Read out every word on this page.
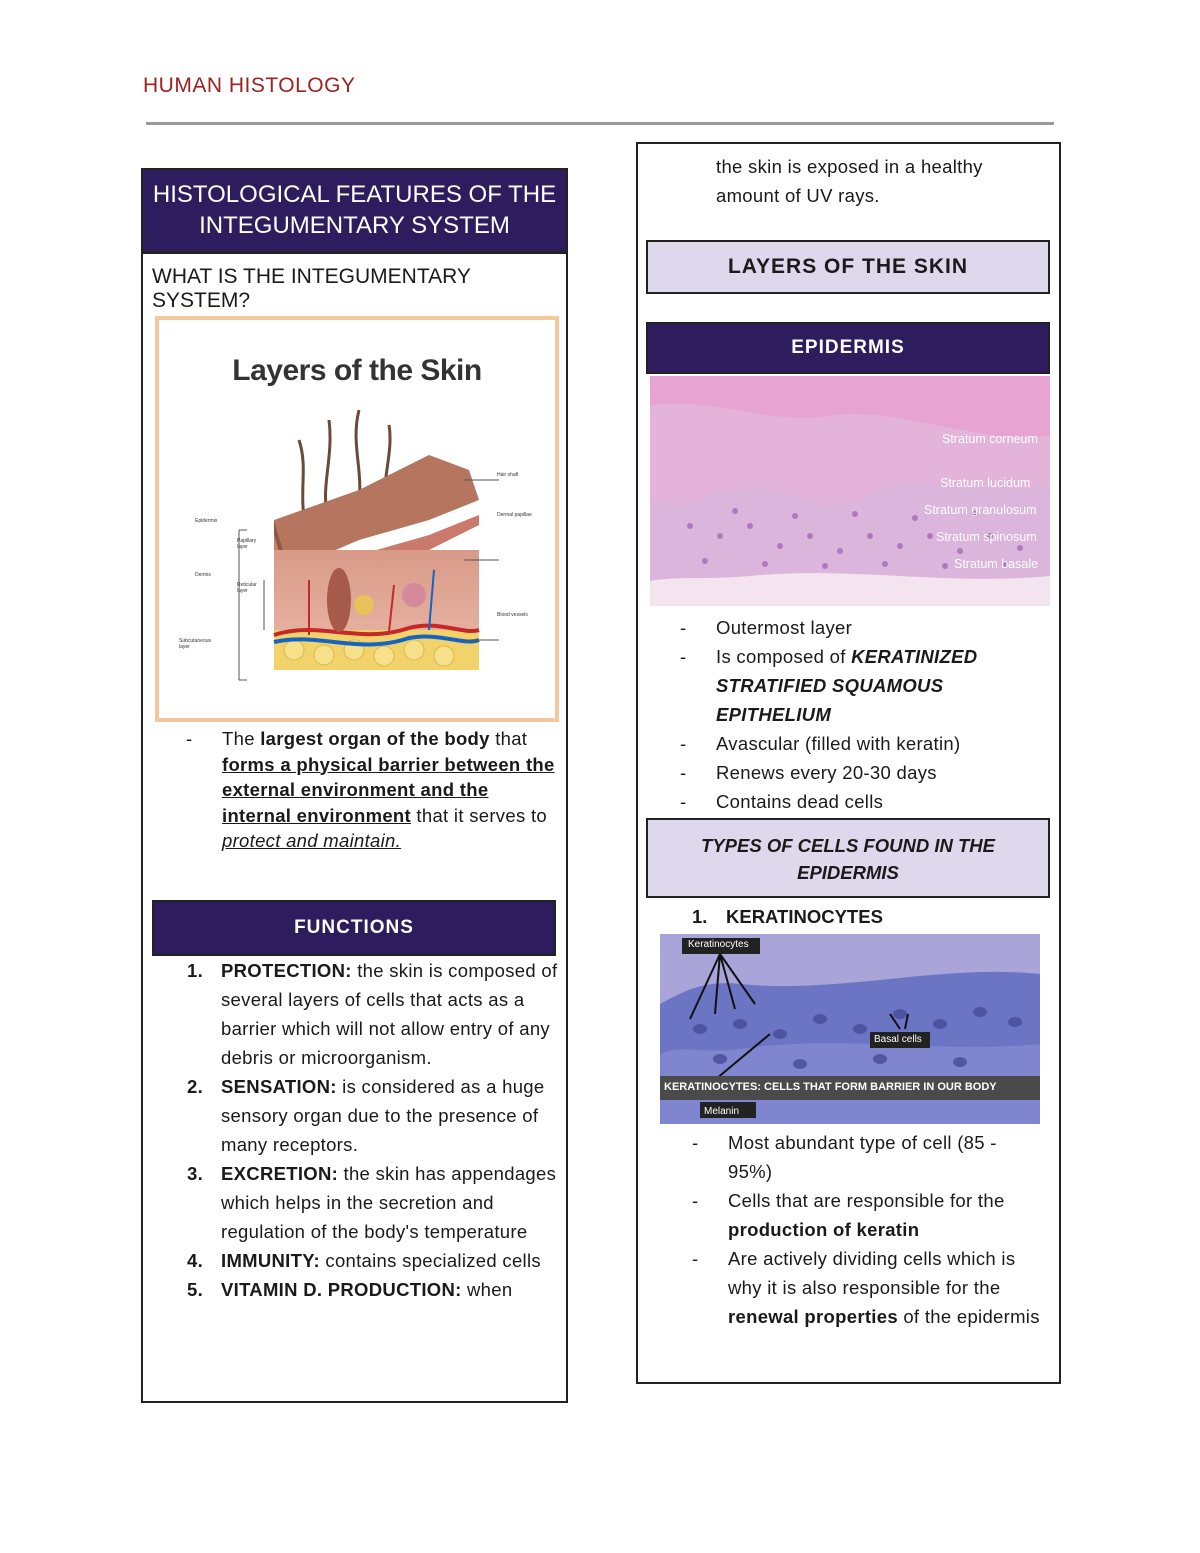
HUMAN HISTOLOGY
HISTOLOGICAL FEATURES OF THE INTEGUMENTARY SYSTEM
WHAT IS THE INTEGUMENTARY SYSTEM?
Layers of the Skin
Hair shaft
Dermal papillae
Blood vessels
Epidermis
Dermis
Subcutaneous layer
Papillary layer
Reticular layer
- The largest organ of the body that forms a physical barrier between the external environment and the internal environment that it serves to protect and maintain.
FUNCTIONS
1. PROTECTION: the skin is composed of several layers of cells that acts as a barrier which will not allow entry of any debris or microorganism.
2. SENSATION: is considered as a huge sensory organ due to the presence of many receptors.
3. EXCRETION: the skin has appendages which helps in the secretion and regulation of the body's temperature
4. IMMUNITY: contains specialized cells
5. VITAMIN D. PRODUCTION: when
the skin is exposed in a healthy amount of UV rays.
LAYERS OF THE SKIN
EPIDERMIS
Stratum corneum
Stratum lucidum
Stratum granulosum
Stratum spinosum
Stratum basale
- Outermost layer
- Is composed of KERATINIZED STRATIFIED SQUAMOUS EPITHELIUM
- Avascular (filled with keratin)
- Renews every 20-30 days
- Contains dead cells
TYPES OF CELLS FOUND IN THE EPIDERMIS
1. KERATINOCYTES
Keratinocytes
Basal cells
KERATINOCYTES: CELLS THAT FORM BARRIER IN OUR BODY
Melanin
- Most abundant type of cell (85 - 95%)
- Cells that are responsible for the production of keratin
- Are actively dividing cells which is why it is also responsible for the renewal properties of the epidermis
